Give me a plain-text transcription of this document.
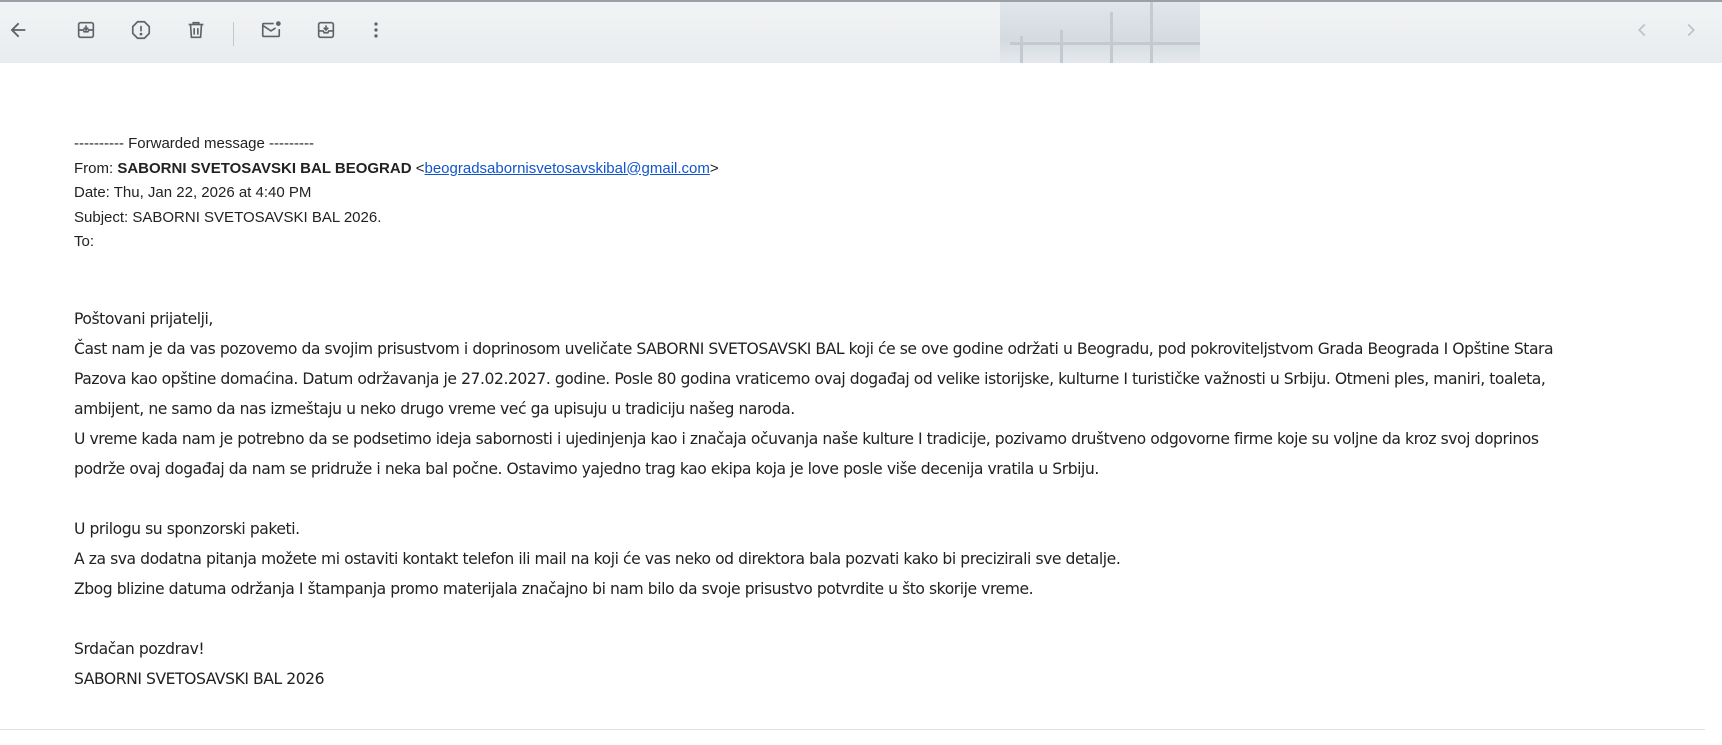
---------- Forwarded message ---------
From: SABORNI SVETOSAVSKI BAL BEOGRAD <beogradsabornisvetosavskibal@gmail.com>
Date: Thu, Jan 22, 2026 at 4:40 PM
Subject: SABORNI SVETOSAVSKI BAL 2026.
To:

Poštovani prijatelji,

Čast nam je da vas pozovemo da svojim prisustvom i doprinosom uveličate SABORNI SVETOSAVSKI BAL koji će se ove godine održati u Beogradu, pod pokroviteljstvom Grada Beograda I Opštine Stara

Pazova kao opštine domaćina. Datum održavanja je 27.02.2027. godine. Posle 80 godina vraticemo ovaj događaj od velike istorijske, kulturne I turističke važnosti u Srbiju. Otmeni ples, maniri, toaleta,

ambijent, ne samo da nas izmeštaju u neko drugo vreme već ga upisuju u tradiciju našeg naroda.

U vreme kada nam je potrebno da se podsetimo ideja sabornosti i ujedinjenja kao i značaja očuvanja naše kulture I tradicije, pozivamo društveno odgovorne firme koje su voljne da kroz svoj doprinos

podrže ovaj događaj da nam se pridruže i neka bal počne. Ostavimo yajedno trag kao ekipa koja je love posle više decenija vratila u Srbiju.

U prilogu su sponzorski paketi.

A za sva dodatna pitanja možete mi ostaviti kontakt telefon ili mail na koji će vas neko od direktora bala pozvati kako bi precizirali sve detalje.

Zbog blizine datuma održanja I štampanja promo materijala značajno bi nam bilo da svoje prisustvo potvrdite u što skorije vreme.

Srdačan pozdrav!

SABORNI SVETOSAVSKI BAL 2026
